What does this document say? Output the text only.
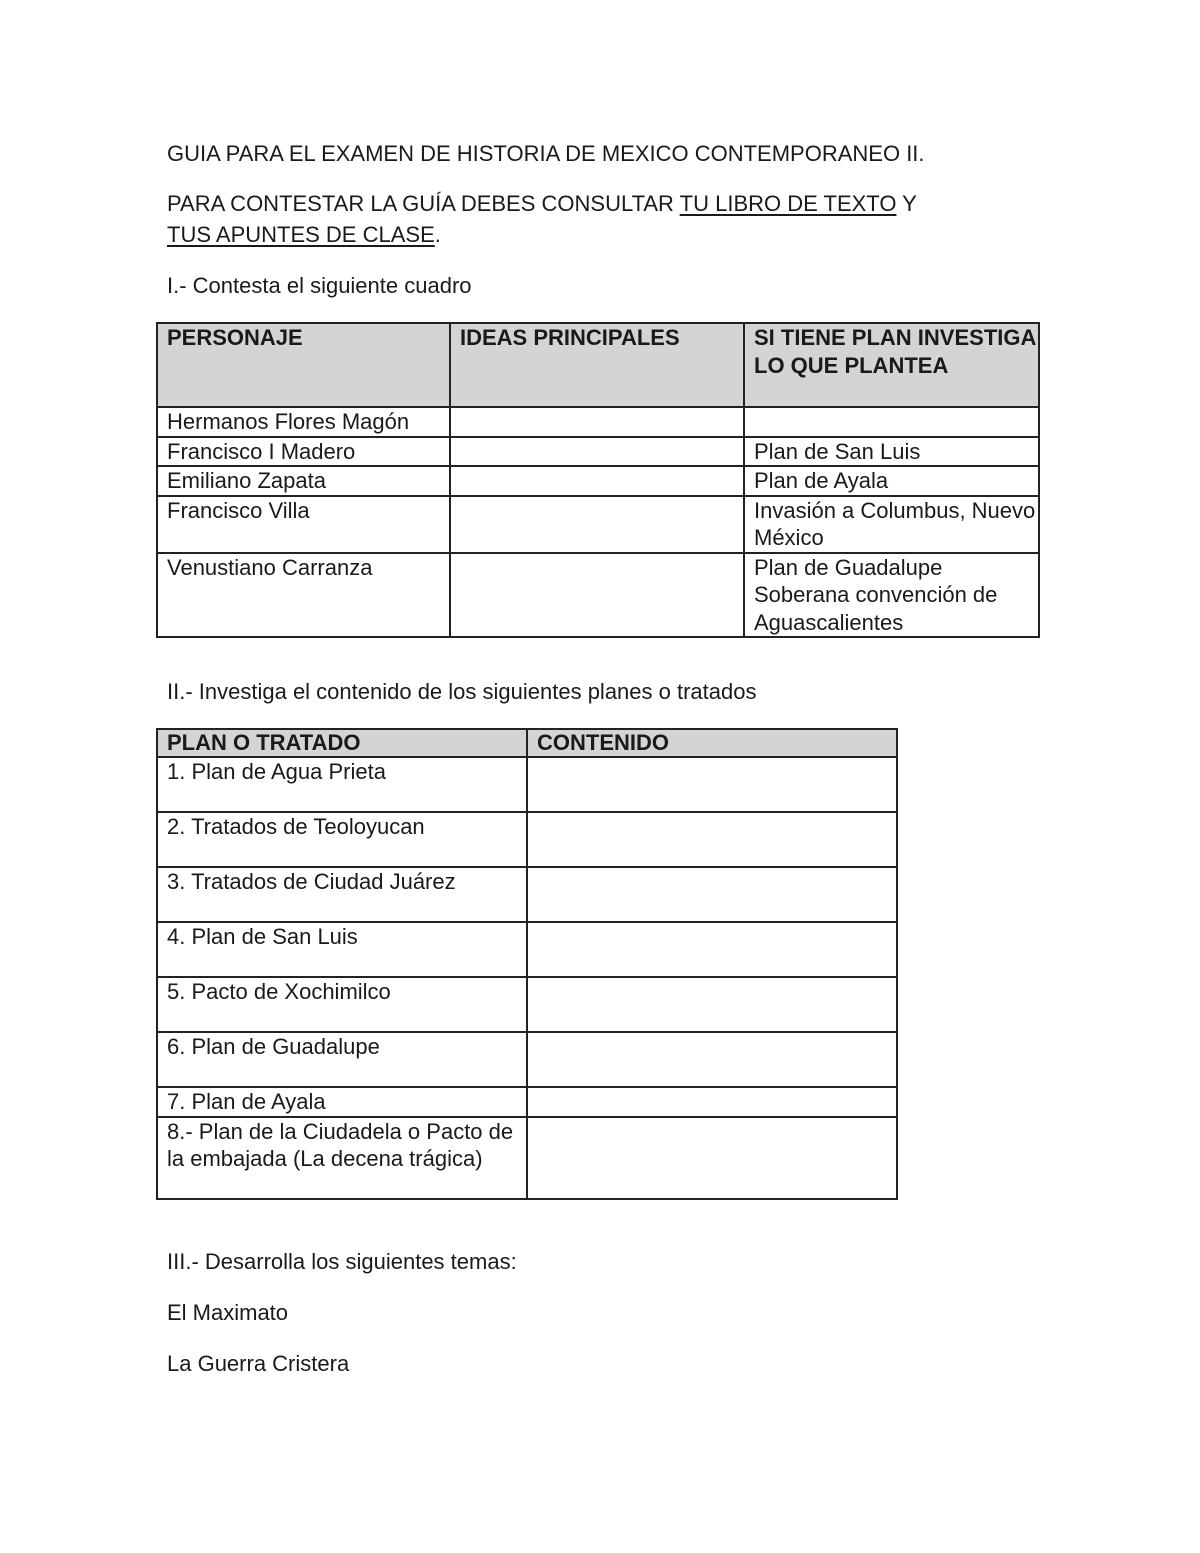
GUIA PARA EL EXAMEN DE HISTORIA DE MEXICO CONTEMPORANEO II.
PARA CONTESTAR LA GUÍA DEBES CONSULTAR TU LIBRO DE TEXTO Y
TUS APUNTES DE CLASE.
I.- Contesta el siguiente cuadro
PERSONAJE	IDEAS PRINCIPALES	SI TIENE PLAN INVESTIGA LO QUE PLANTEA
Hermanos Flores Magón		
Francisco I Madero		Plan de San Luis
Emiliano Zapata		Plan de Ayala
Francisco Villa		Invasión a Columbus, Nuevo México
Venustiano Carranza		Plan de Guadalupe Soberana convención de Aguascalientes
II.- Investiga el contenido de los siguientes planes o tratados
PLAN O TRATADO	CONTENIDO
1. Plan de Agua Prieta	
2. Tratados de Teoloyucan	
3. Tratados de Ciudad Juárez	
4. Plan de San Luis	
5. Pacto de Xochimilco	
6. Plan de Guadalupe	
7. Plan de Ayala	
8.- Plan de la Ciudadela o Pacto de la embajada (La decena trágica)	
III.- Desarrolla los siguientes temas:
El Maximato
La Guerra Cristera
